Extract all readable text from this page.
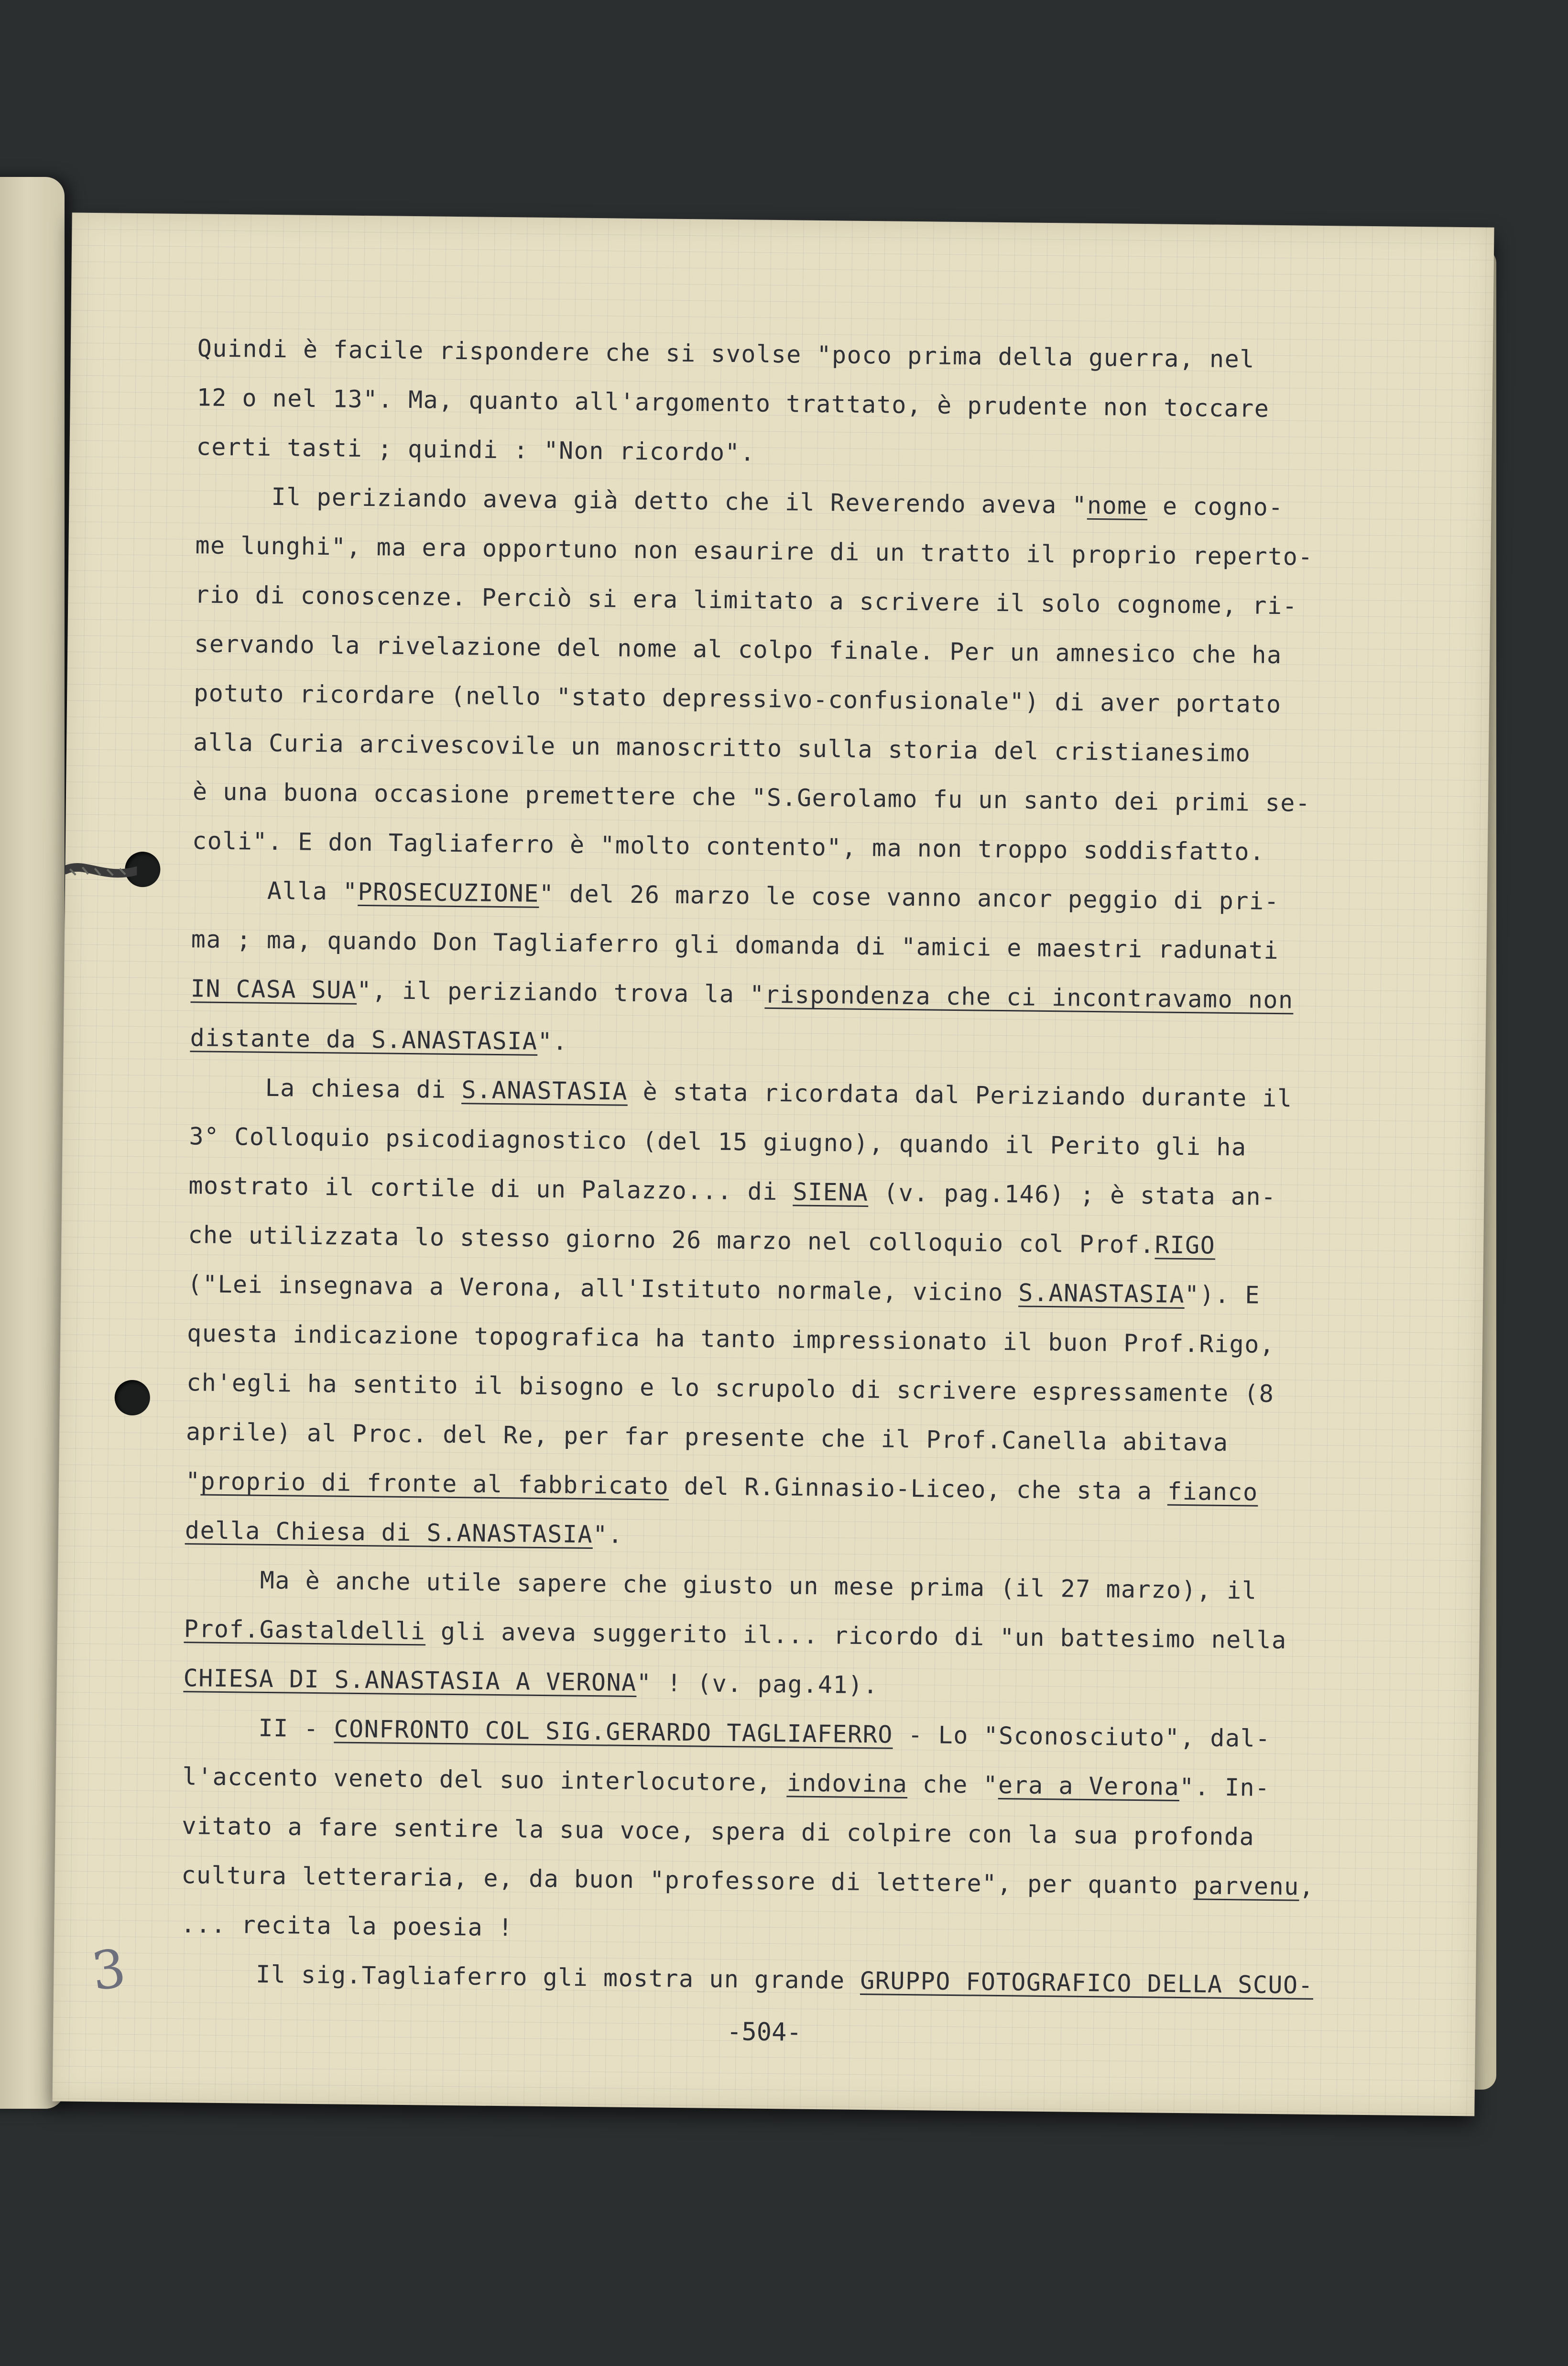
Quindi è facile rispondere che si svolse "poco prima della guerra, nel
12 o nel 13". Ma, quanto all'argomento trattato, è prudente non toccare
certi tasti ; quindi : "Non ricordo".
Il periziando aveva già detto che il Reverendo aveva "nome e cogno-
me lunghi", ma era opportuno non esaurire di un tratto il proprio reperto-
rio di conoscenze. Perciò si era limitato a scrivere il solo cognome, ri-
servando la rivelazione del nome al colpo finale. Per un amnesico che ha
potuto ricordare (nello "stato depressivo-confusionale") di aver portato
alla Curia arcivescovile un manoscritto sulla storia del cristianesimo
è una buona occasione premettere che "S.Gerolamo fu un santo dei primi se-
coli". E don Tagliaferro è "molto contento", ma non troppo soddisfatto.
Alla "PROSECUZIONE" del 26 marzo le cose vanno ancor peggio di pri-
ma ; ma, quando Don Tagliaferro gli domanda di "amici e maestri radunati
IN CASA SUA", il periziando trova la "rispondenza che ci incontravamo non
distante da S.ANASTASIA".
La chiesa di S.ANASTASIA è stata ricordata dal Periziando durante il
3° Colloquio psicodiagnostico (del 15 giugno), quando il Perito gli ha
mostrato il cortile di un Palazzo... di SIENA (v. pag.146) ; è stata an-
che utilizzata lo stesso giorno 26 marzo nel colloquio col Prof.RIGO
("Lei insegnava a Verona, all'Istituto normale, vicino S.ANASTASIA"). E
questa indicazione topografica ha tanto impressionato il buon Prof.Rigo,
ch'egli ha sentito il bisogno e lo scrupolo di scrivere espressamente (8
aprile) al Proc. del Re, per far presente che il Prof.Canella abitava
"proprio di fronte al fabbricato del R.Ginnasio-Liceo, che sta a fianco
della Chiesa di S.ANASTASIA".
Ma è anche utile sapere che giusto un mese prima (il 27 marzo), il
Prof.Gastaldelli gli aveva suggerito il... ricordo di "un battesimo nella
CHIESA DI S.ANASTASIA A VERONA" ! (v. pag.41).
II - CONFRONTO COL SIG.GERARDO TAGLIAFERRO - Lo "Sconosciuto", dal-
l'accento veneto del suo interlocutore, indovina che "era a Verona". In-
vitato a fare sentire la sua voce, spera di colpire con la sua profonda
cultura letteraria, e, da buon "professore di lettere", per quanto parvenu,
... recita la poesia !
Il sig.Tagliaferro gli mostra un grande GRUPPO FOTOGRAFICO DELLA SCUO-
3
-504-
